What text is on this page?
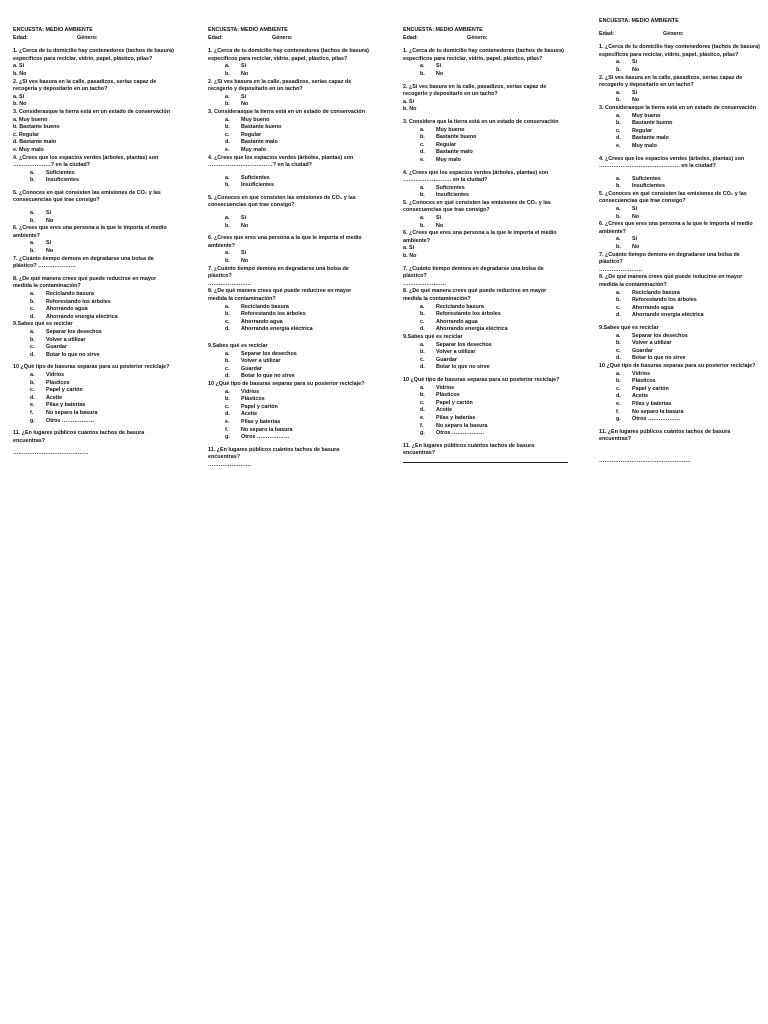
ENCUESTA: MEDIO AMBIENTE
Edad:	Género:
1. ¿Cerca de tu domicilio hay contenedores (tachos de basura) específicos para reciclar, vidrio, papel, plástico, pilas?
a. Si
b. No
2. ¿Si ves basura en la calle, pasadizos, serías capaz de recogerla y depositarlo en un tacho?
a. Si
b. No
3. Considerasque la tierra está en un estado de conservación
a. Muy bueno
b. Bastante bueno
c. Regular
d. Bastante malo
e. Muy malo
4. ¿Crees que los espacios verdes (árboles, plantas) son …………………? en la ciudad?
a.	Suficientes
b.	Insuficientes
5. ¿Conoces en qué consisten las emisiones de CO₂ y las consecuencias que trae consigo?
a.	Sí
b.	No
6. ¿Crees que eres una persona a la que le importa el medio ambiente?
a.	Si
b.	No
7. ¿Cuánto tiempo demora en degradarse una bolsa de plástico? …………………
8. ¿De qué manera crees qué puede reducirse en mayor medida la contaminación?
a.	Reciclando basura
b.	Reforestando los árboles
c.	Ahorrando agua
d.	Ahorrando energía eléctrica
9.Sabes qué es reciclar
a.	Separar los desechos
b.	Volver a utilizar
c.	Guardar
d.	Botar lo que no sirve
10 ¿Qué tipo de basuras separas para su posterior reciclaje?
a.	Vidrios
b.	Plásticos
c.	Papel y cartón
d.	Aceite
e.	Pilas y baterías
f.	No separo la basura
g.	Otros ………………
11. ¿En lugares públicos cuántos tachos de basura encuentras?
……………………………………
ENCUESTA: MEDIO AMBIENTE
Edad:	Género:
1. ¿Cerca de tu domicilio hay contenedores (tachos de basura) específicos para reciclar, vidrio, papel, plástico, pilas?
a.	Si
b.	No
2. ¿Si ves basura en la calle, pasadizos, serías capaz de recogerlo y depositarlo en un tacho?
a.	Si
b.	No
3. Considerasque la tierra está en un estado de conservación
a.	Muy bueno
b.	Bastante bueno
c.	Regular
d.	Bastante malo
e.	Muy malo
4. ¿Crees que los espacios verdes (árboles, plantas) son ………………………………? en la ciudad?
a.	Suficientes
b.	Insuficientes
5. ¿Conoces en qué consisten las emisiones de CO₂ y las consecuencias que trae consigo?
a.	Sí
b.	No
6. ¿Crees que eres una persona a la que le importa el medio ambiente?
a.	Si
b.	No
7. ¿Cuánto tiempo demora en degradarse una bolsa de plástico?
……………………
8. ¿De qué manera crees qué puede reducirse en mayor medida la contaminación?
a.	Reciclando basura
b.	Reforestando los árboles
c.	Ahorrando agua
d.	Ahorrando energía eléctrica
9.Sabes qué es reciclar
a.	Separar los desechos
b.	Volver a utilizar
c.	Guardar
d.	Botar lo que no sirve
10 ¿Qué tipo de basuras separas para su posterior reciclaje?
a.	Vidrios
b.	Plásticos
c.	Papel y cartón
d.	Aceite
e.	Pilas y baterías
f.	No separo la basura
g.	Otros ………………
11. ¿En lugares públicos cuántos tachos de basura encuentras?
……………………
ENCUESTA: MEDIO AMBIENTE
Edad:	Género:
1. ¿Cerca de tu domicilio hay contenedores (tachos de basura) específicos para reciclar, vidrio, papel, plástico, pilas?
a.	Si
b.	No
2. ¿Si ves basura en la calle, pasadizos, serías capaz de recogerlo y depositarlo en un tacho?
a. Si
b. No
3. Considera que la tierra está en un estado de conservación
a.	Muy bueno
b.	Bastante bueno
c.	Regular
d.	Bastante malo
e.	Muy malo
4. ¿Crees que los espacios verdes (árboles, plantas) son ……………………… en la ciudad?
a.	Suficientes
b.	Insuficientes
5. ¿Conoces en qué consisten las emisiones de CO₂ y las consecuencias que trae consigo?
a.	Sí
b.	No
6. ¿Crees que eres una persona a la que le importa el medio ambiente?
a. Si
b. No
7. ¿Cuánto tiempo demora en degradarse una bolsa de plástico?
……………………
8. ¿De qué manera crees qué puede reducirse en mayor medida la contaminación?
a.	Reciclando basura
b.	Reforestando los árboles
c.	Ahorrando agua
d.	Ahorrando energía eléctrica
9.Sabes qué es reciclar
a.	Separar los desechos
b.	Volver a utilizar
c.	Guardar
d.	Botar lo que no sirve
10 ¿Qué tipo de basuras separas para su posterior reciclaje?
a.	Vidrios
b.	Plásticos
c.	Papel y cartón
d.	Aceite
e.	Pilas y baterías
f.	No separo la basura
g.	Otros ………………
11. ¿En lugares públicos cuántos tachos de basura encuentras?
ENCUESTA: MEDIO AMBIENTE
Edad:	Género:
1. ¿Cerca de tu domicilio hay contenedores (tachos de basura) específicos para reciclar, vidrio, papel, plástico, pilas?
a.	Si
b.	No
2. ¿Si ves basura en la calle, pasadizos, serías capaz de recogerlo y depositarlo en un tacho?
a.	Si
b.	No
3. Considerasque la tierra está en un estado de conservación
a.	Muy bueno
b.	Bastante bueno
c.	Regular
d.	Bastante malo
e.	Muy malo
4. ¿Crees que los espacios verdes (árboles, plantas) son ……………………………………… en la ciudad?
a.	Suficientes
b.	Insuficientes
5. ¿Conoces en qué consisten las emisiones de CO₂ y las consecuencias que trae consigo?
a.	Sí
b.	No
6. ¿Crees que eres una persona a la que le importa el medio ambiente?
a.	Si
b.	No
7. ¿Cuánto tiempo demora en degradarse una bolsa de plástico?
……………………
8. ¿De qué manera crees qué puede reducirse en mayor medida la contaminación?
a.	Reciclando basura
b.	Reforestando los árboles
c.	Ahorrando agua
d.	Ahorrando energía eléctrica
9.Sabes qué es reciclar
a.	Separar los desechos
b.	Volver a utilizar
c.	Guardar
d.	Botar lo que no sirve
10 ¿Qué tipo de basuras separas para su posterior reciclaje?
a.	Vidrios
b.	Plásticos
c.	Papel y cartón
d.	Aceite
e.	Pilas y baterías
f.	No separo la basura
g.	Otros ………………
11. ¿En lugares públicos cuántos tachos de basura encuentras?
……………………………………………
